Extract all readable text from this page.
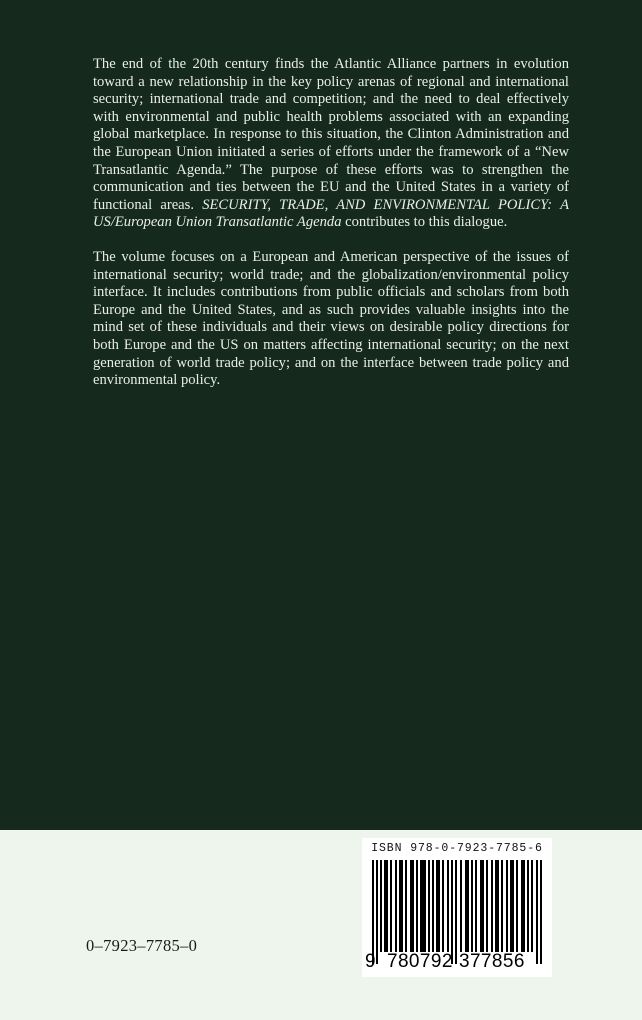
The end of the 20th century finds the Atlantic Alliance partners in evolution toward a new relationship in the key policy arenas of regional and international security; international trade and competition; and the need to deal effectively with environmental and public health problems associated with an expanding global marketplace. In response to this situation, the Clinton Administration and the European Union initiated a series of efforts under the framework of a “New Transatlantic Agenda.” The purpose of these efforts was to strengthen the communication and ties between the EU and the United States in a variety of functional areas. SECURITY, TRADE, AND ENVIRONMENTAL POLICY: A US/European Union Transatlantic Agenda contributes to this dialogue.

The volume focuses on a European and American perspective of the issues of international security; world trade; and the globalization/environmental policy interface. It includes contributions from public officials and scholars from both Europe and the United States, and as such provides valuable insights into the mind set of these individuals and their views on desirable policy directions for both Europe and the US on matters affecting international security; on the next generation of world trade policy; and on the interface between trade policy and environmental policy.

0–7923–7785–0
ISBN 978-0-7923-7785-6
9 780792 377856
